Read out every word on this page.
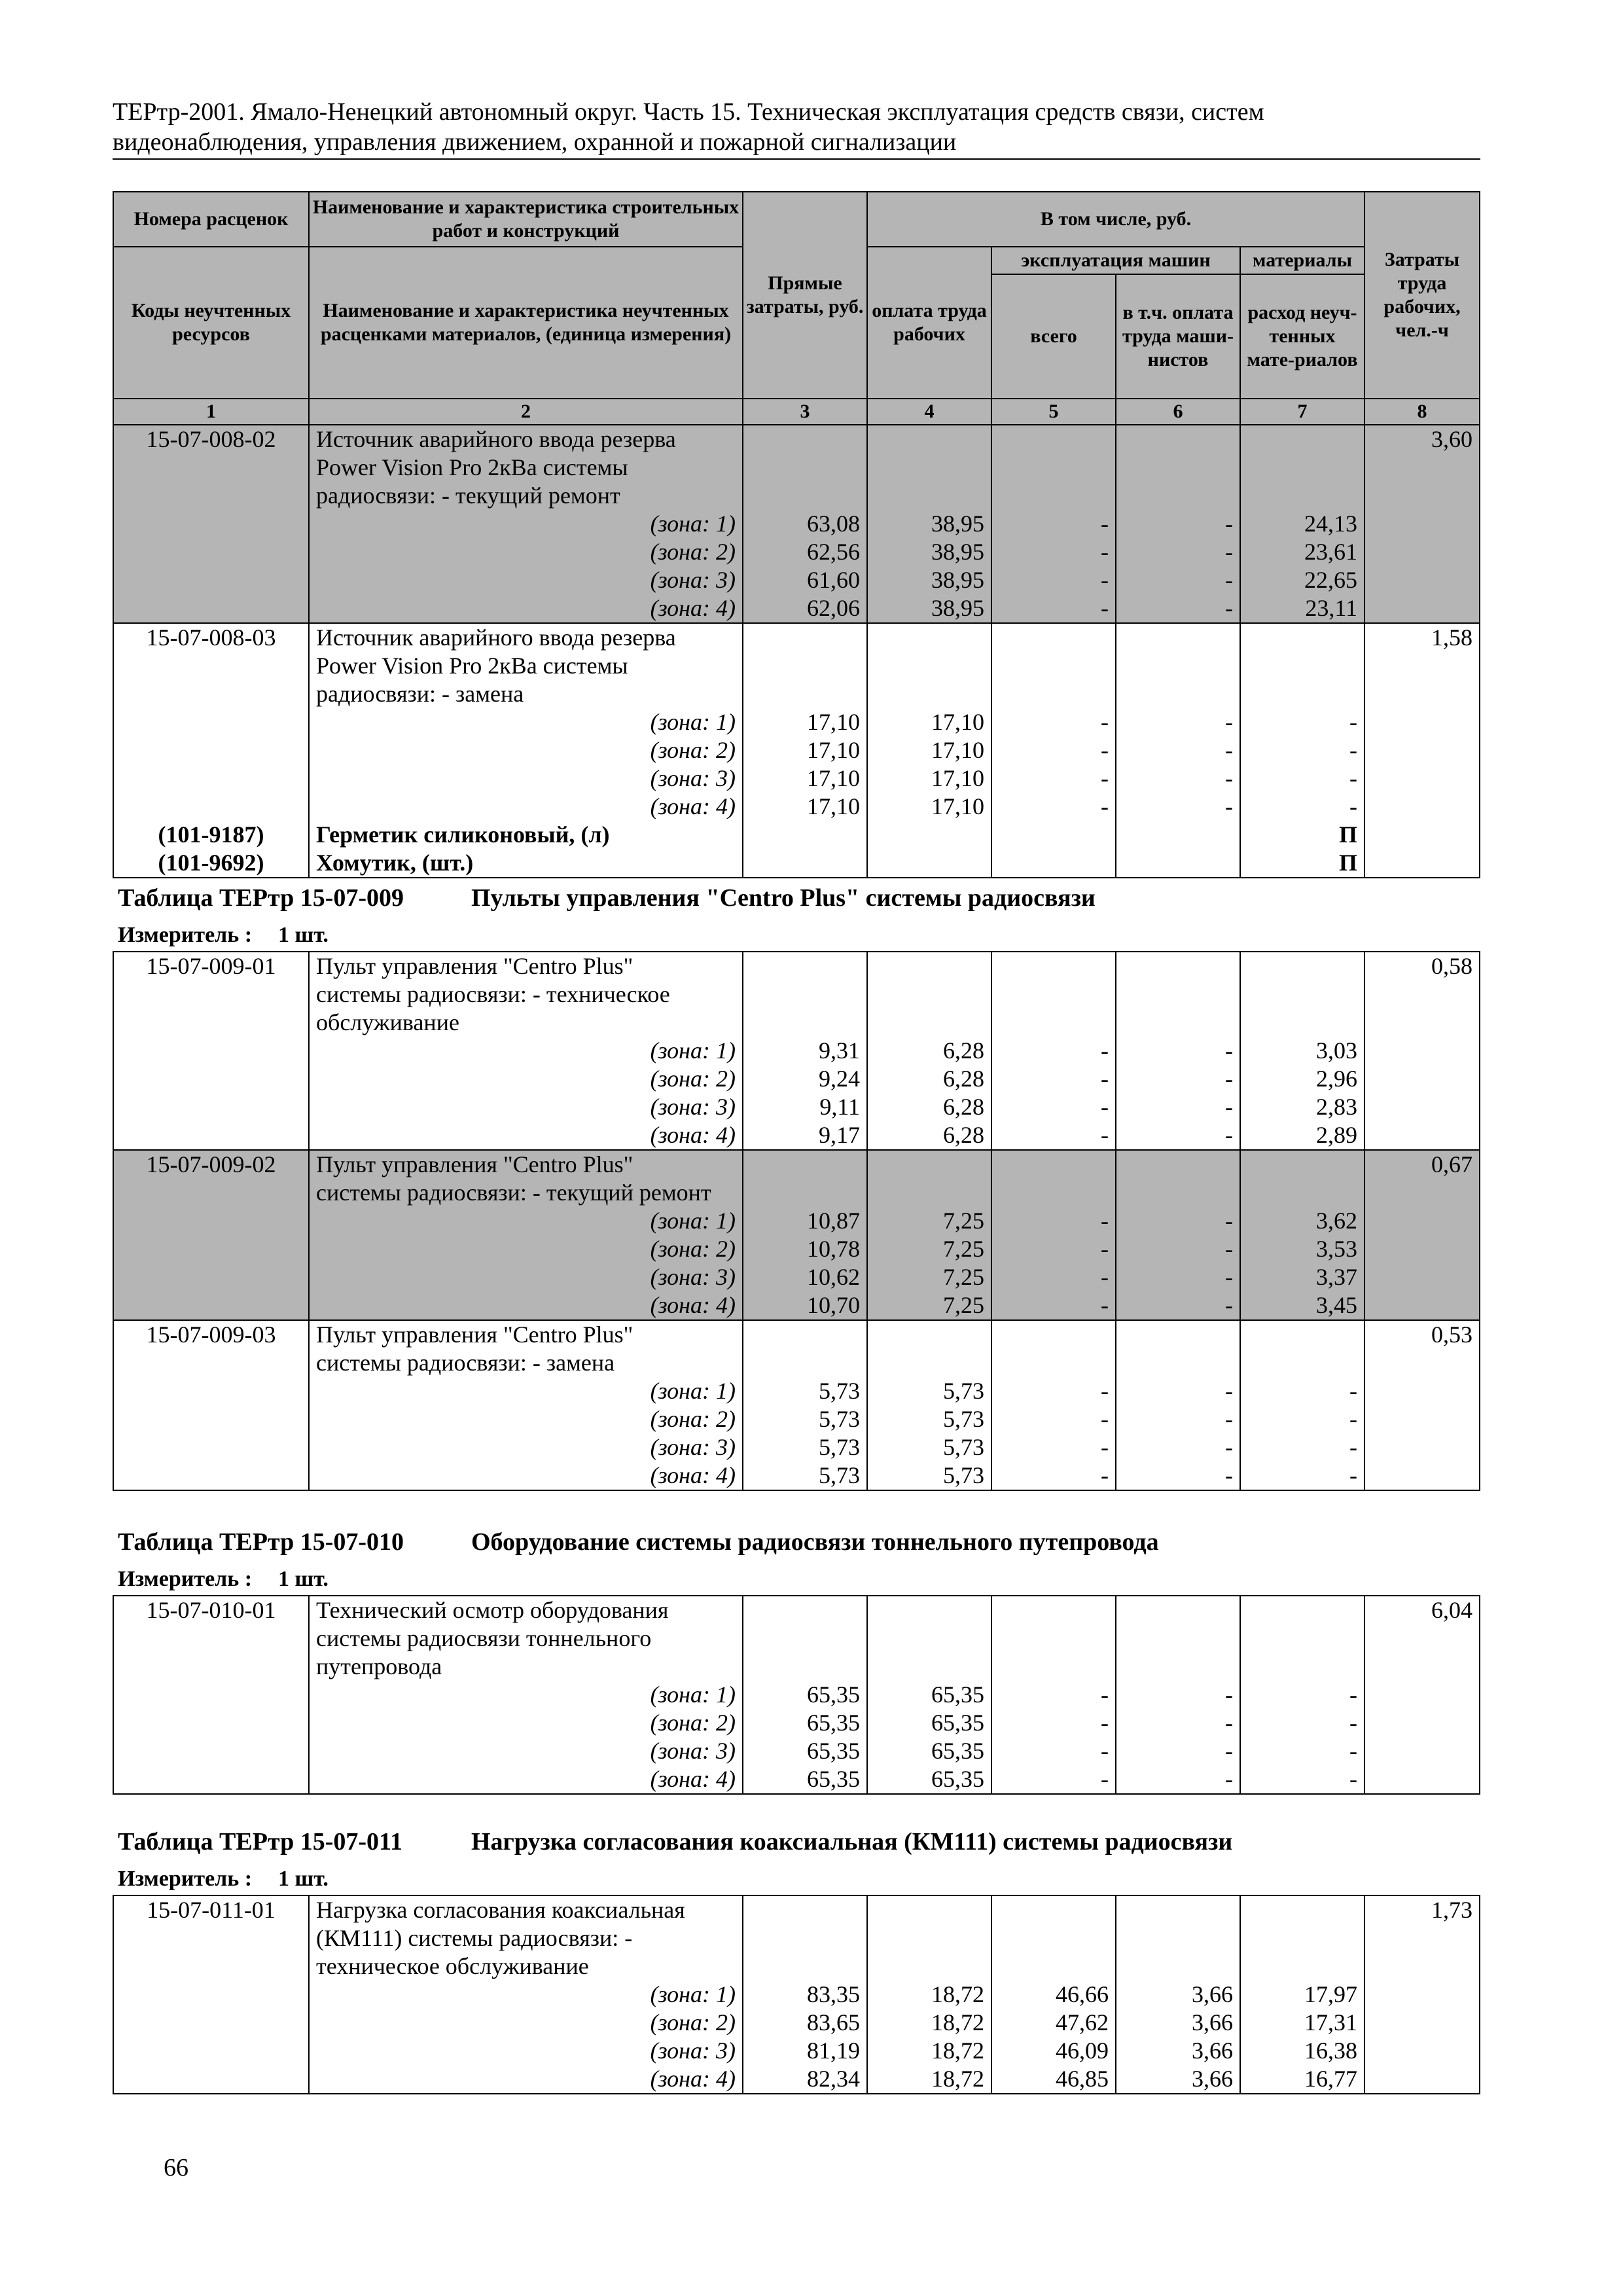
ТЕРтр-2001. Ямало-Ненецкий автономный округ. Часть 15. Техническая эксплуатация средств связи, систем
видеонаблюдения, управления движением, охранной и пожарной сигнализации
Номера расценок	Наименование и характеристика строительных работ и конструкций	Прямые затраты, руб.	В том числе, руб.				Затраты труда рабочих, чел.-ч
Коды неучтенных ресурсов	Наименование и характеристика неучтенных расценками материалов, (единица измерения)		оплата труда рабочих	эксплуатация машин		материалы	
				всего	в т.ч. оплата труда маши-нистов	расход неуч-тенных мате-риалов	
1	2	3	4	5	6	7	8
15-07-008-02	Источник аварийного ввода резерва						3,60
	Power Vision Pro 2кВа системы						
	радиосвязи: - текущий ремонт						
	(зона: 1)	63,08	38,95	-	-	24,13	
	(зона: 2)	62,56	38,95	-	-	23,61	
	(зона: 3)	61,60	38,95	-	-	22,65	
	(зона: 4)	62,06	38,95	-	-	23,11	
15-07-008-03	Источник аварийного ввода резерва						1,58
	Power Vision Pro 2кВа системы						
	радиосвязи: - замена						
	(зона: 1)	17,10	17,10	-	-	-	
	(зона: 2)	17,10	17,10	-	-	-	
	(зона: 3)	17,10	17,10	-	-	-	
	(зона: 4)	17,10	17,10	-	-	-	
(101-9187)	Герметик силиконовый, (л)					П	
(101-9692)	Хомутик, (шт.)					П	
Таблица ТЕРтр 15-07-009	Пульты управления "Centro Plus" системы радиосвязи
Измеритель : 1 шт.
15-07-009-01	Пульт управления "Centro Plus"						0,58
	системы радиосвязи: - техническое						
	обслуживание						
	(зона: 1)	9,31	6,28	-	-	3,03	
	(зона: 2)	9,24	6,28	-	-	2,96	
	(зона: 3)	9,11	6,28	-	-	2,83	
	(зона: 4)	9,17	6,28	-	-	2,89	
15-07-009-02	Пульт управления "Centro Plus"						0,67
	системы радиосвязи: - текущий ремонт						
	(зона: 1)	10,87	7,25	-	-	3,62	
	(зона: 2)	10,78	7,25	-	-	3,53	
	(зона: 3)	10,62	7,25	-	-	3,37	
	(зона: 4)	10,70	7,25	-	-	3,45	
15-07-009-03	Пульт управления "Centro Plus"						0,53
	системы радиосвязи: - замена						
	(зона: 1)	5,73	5,73	-	-	-	
	(зона: 2)	5,73	5,73	-	-	-	
	(зона: 3)	5,73	5,73	-	-	-	
	(зона: 4)	5,73	5,73	-	-	-	
Таблица ТЕРтр 15-07-010	Оборудование системы радиосвязи тоннельного путепровода
Измеритель : 1 шт.
15-07-010-01	Технический осмотр оборудования						6,04
	системы радиосвязи тоннельного						
	путепровода						
	(зона: 1)	65,35	65,35	-	-	-	
	(зона: 2)	65,35	65,35	-	-	-	
	(зона: 3)	65,35	65,35	-	-	-	
	(зона: 4)	65,35	65,35	-	-	-	
Таблица ТЕРтр 15-07-011	Нагрузка согласования коаксиальная (КМ111) системы радиосвязи
Измеритель : 1 шт.
15-07-011-01	Нагрузка согласования коаксиальная						1,73
	(КМ111) системы радиосвязи: -						
	техническое обслуживание						
	(зона: 1)	83,35	18,72	46,66	3,66	17,97	
	(зона: 2)	83,65	18,72	47,62	3,66	17,31	
	(зона: 3)	81,19	18,72	46,09	3,66	16,38	
	(зона: 4)	82,34	18,72	46,85	3,66	16,77	
66
